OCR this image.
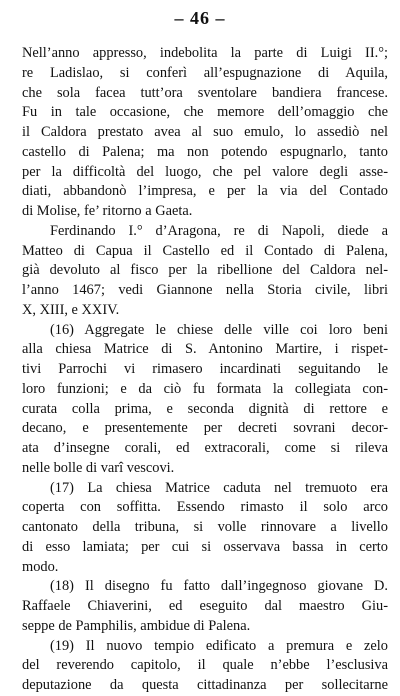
– 46 –
Nell’anno appresso, indebolita la parte di Luigi II.°;
re Ladislao, si conferì all’espugnazione di Aquila,
che sola facea tutt’ora sventolare bandiera francese.
Fu in tale occasione, che memore dell’omaggio che
il Caldora prestato avea al suo emulo, lo assediò nel
castello di Palena; ma non potendo espugnarlo, tanto
per la difficoltà del luogo, che pel valore degli asse-
diati, abbandonò l’impresa, e per la via del Contado
di Molise, fe’ ritorno a Gaeta.
Ferdinando I.° d’Aragona, re di Napoli, diede a
Matteo di Capua il Castello ed il Contado di Palena,
già devoluto al fisco per la ribellione del Caldora nel-
l’anno 1467; vedi Giannone nella Storia civile, libri
X, XIII, e XXIV.
(16) Aggregate le chiese delle ville coi loro beni
alla chiesa Matrice di S. Antonino Martire, i rispet-
tivi Parrochi vi rimasero incardinati seguitando le
loro funzioni; e da ciò fu formata la collegiata con-
curata colla prima, e seconda dignità di rettore e
decano, e presentemente per decreti sovrani decor-
ata d’insegne corali, ed extracorali, come si rileva
nelle bolle di varî vescovi.
(17) La chiesa Matrice caduta nel tremuoto era
coperta con soffitta. Essendo rimasto il solo arco
cantonato della tribuna, si volle rinnovare a livello
di esso lamiata; per cui si osservava bassa in certo
modo.
(18) Il disegno fu fatto dall’ingegnoso giovane D.
Raffaele Chiaverini, ed eseguito dal maestro Giu-
seppe de Pamphilis, ambidue di Palena.
(19) Il nuovo tempio edificato a premura e zelo
del reverendo capitolo, il quale n’ebbe l’esclusiva
deputazione da questa cittadinanza per sollecitarne
